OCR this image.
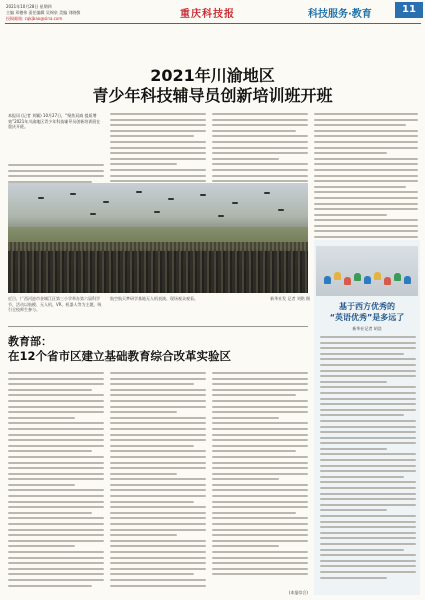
2021年10月28日 星期四
主编 邓德伟 责任编辑 吴锡泉 美编 刘晓敬
投稿邮箱: cqkjbao@sina.com	重庆科技报	科技服务·教育	11
2021年川渝地区
青少年科技辅导员创新培训班开班
本报讯 (记者 刘颖) 10月27日，“聚焦双减 提质增效”2021年川渝地区青少年科技辅导员创新培训班在重庆开班。
近日，广西河池市金城江区第三小学举办第六届科学节，活动以航模、无人机、VR、机器人等为主题，吸引全校师生参与。
航空航天梦研学基地无人机表演、现场观众观看。	新华社发 记者 刘铭 摄
基于西方优秀的
“英语优秀”是多远了
新华社记者 胡浩
教育部：
在12个省市区建立基础教育综合改革实验区
(本报综合)
